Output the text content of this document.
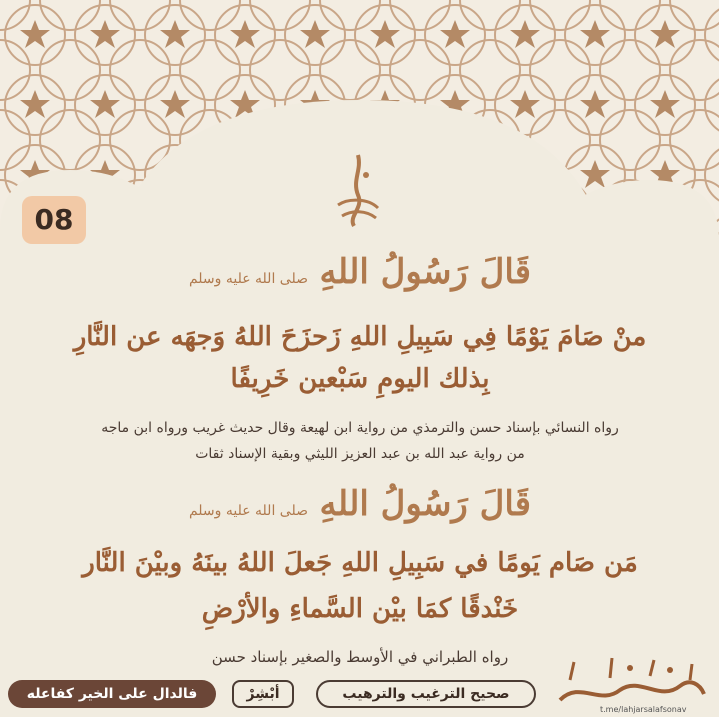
08
قَالَ رَسُولُ اللهِ صلى الله عليه وسلم
منْ صَامَ يَوْمًا فِي سَبِيلِ اللهِ زَحزَحَ اللهُ وَجهَه عن النَّارِ
بِذلك اليومِ سَبْعين خَرِيفًا
رواه النسائي بإسناد حسن والترمذي من رواية ابن لهيعة وقال حديث غريب ورواه ابن ماجه
من رواية عبد الله بن عبد العزيز الليثي وبقية الإسناد ثقات
قَالَ رَسُولُ اللهِ صلى الله عليه وسلم
مَن صَام يَومًا في سَبِيلِ اللهِ جَعلَ اللهُ بينَهُ وبيْنَ النَّار
خَنْدقًا كمَا بيْن السَّماءِ والأرْضِ
رواه الطبراني في الأوسط والصغير بإسناد حسن
فالدال على الخير كفاعله	أبْشِرْ	صحيح الترغيب والترهيب
t.me/lahjarsalafsonav
